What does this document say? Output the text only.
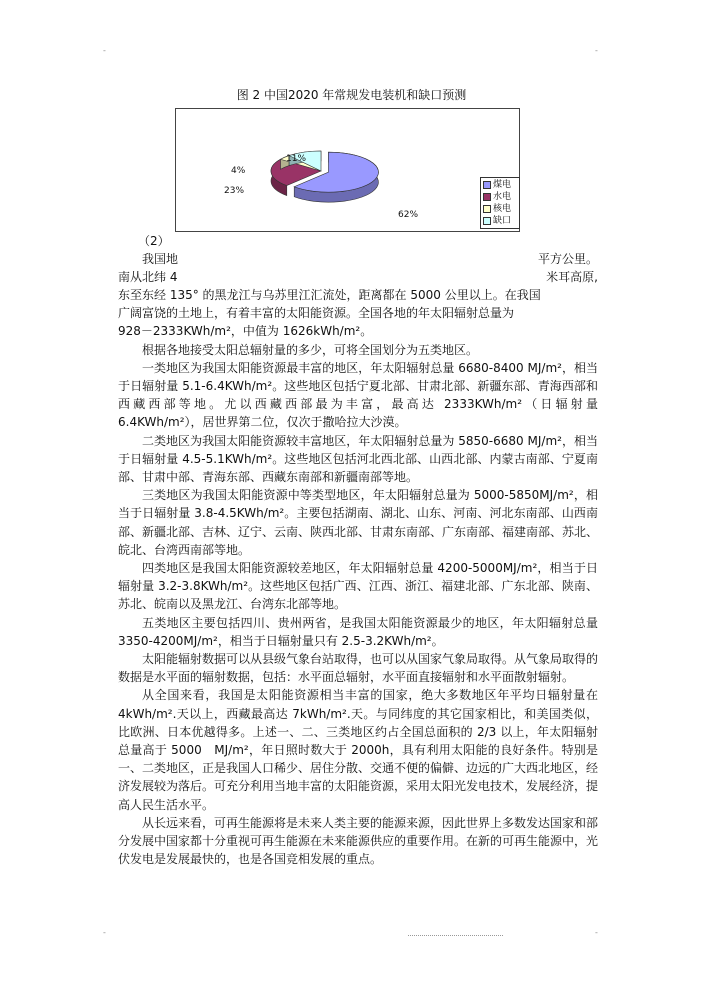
-	-
-	-
图 2 中国2020 年常规发电装机和缺口预测
62%
23%
4%
11%
煤电
水电
核电
缺口

（2）

我国地	平方公里。

南从北纬 4	米耳高原,

东至东经 135° 的黑龙江与乌苏里江汇流处，距离都在 5000 公里以上。在我国

广阔富饶的土地上，有着丰富的太阳能资源。全国各地的年太阳辐射总量为

928－2333KWh/m²，中值为 1626kWh/m²。

根据各地接受太阳总辐射量的多少，可将全国划分为五类地区。

一类地区为我国太阳能资源最丰富的地区，年太阳辐射总量 6680-8400 MJ/m²，相当于日辐射量 5.1-6.4KWh/m²。这些地区包括宁夏北部、甘肃北部、新疆东部、青海西部和西藏西部等地。尤以西藏西部最为丰富，最高达 2333KWh/m²（日辐射量 6.4KWh/m²），居世界第二位，仅次于撒哈拉大沙漠。

二类地区为我国太阳能资源较丰富地区，年太阳辐射总量为 5850-6680 MJ/m²，相当于日辐射量 4.5-5.1KWh/m²。这些地区包括河北西北部、山西北部、内蒙古南部、宁夏南部、甘肃中部、青海东部、西藏东南部和新疆南部等地。

三类地区为我国太阳能资源中等类型地区，年太阳辐射总量为 5000-5850MJ/m²，相当于日辐射量 3.8-4.5KWh/m²。主要包括湖南、湖北、山东、河南、河北东南部、山西南部、新疆北部、吉林、辽宁、云南、陕西北部、甘肃东南部、广东南部、福建南部、苏北、皖北、台湾西南部等地。

四类地区是我国太阳能资源较差地区，年太阳辐射总量 4200-5000MJ/m²，相当于日辐射量 3.2-3.8KWh/m²。这些地区包括广西、江西、浙江、福建北部、广东北部、陕南、苏北、皖南以及黑龙江、台湾东北部等地。

五类地区主要包括四川、贵州两省，是我国太阳能资源最少的地区，年太阳辐射总量 3350-4200MJ/m²，相当于日辐射量只有 2.5-3.2KWh/m²。

太阳能辐射数据可以从县级气象台站取得，也可以从国家气象局取得。从气象局取得的数据是水平面的辐射数据，包括：水平面总辐射，水平面直接辐射和水平面散射辐射。

从全国来看，我国是太阳能资源相当丰富的国家，绝大多数地区年平均日辐射量在 4kWh/m².天以上，西藏最高达 7kWh/m².天。与同纬度的其它国家相比，和美国类似，比欧洲、日本优越得多。上述一、二、三类地区约占全国总面积的 2/3 以上，年太阳辐射总量高于 5000　MJ/m²，年日照时数大于 2000h，具有利用太阳能的良好条件。特别是一、二类地区，正是我国人口稀少、居住分散、交通不便的偏僻、边远的广大西北地区，经济发展较为落后。可充分利用当地丰富的太阳能资源，采用太阳光发电技术，发展经济，提高人民生活水平。

从长远来看，可再生能源将是未来人类主要的能源来源，因此世界上多数发达国家和部分发展中国家都十分重视可再生能源在未来能源供应的重要作用。在新的可再生能源中，光伏发电是发展最快的，也是各国竞相发展的重点。
